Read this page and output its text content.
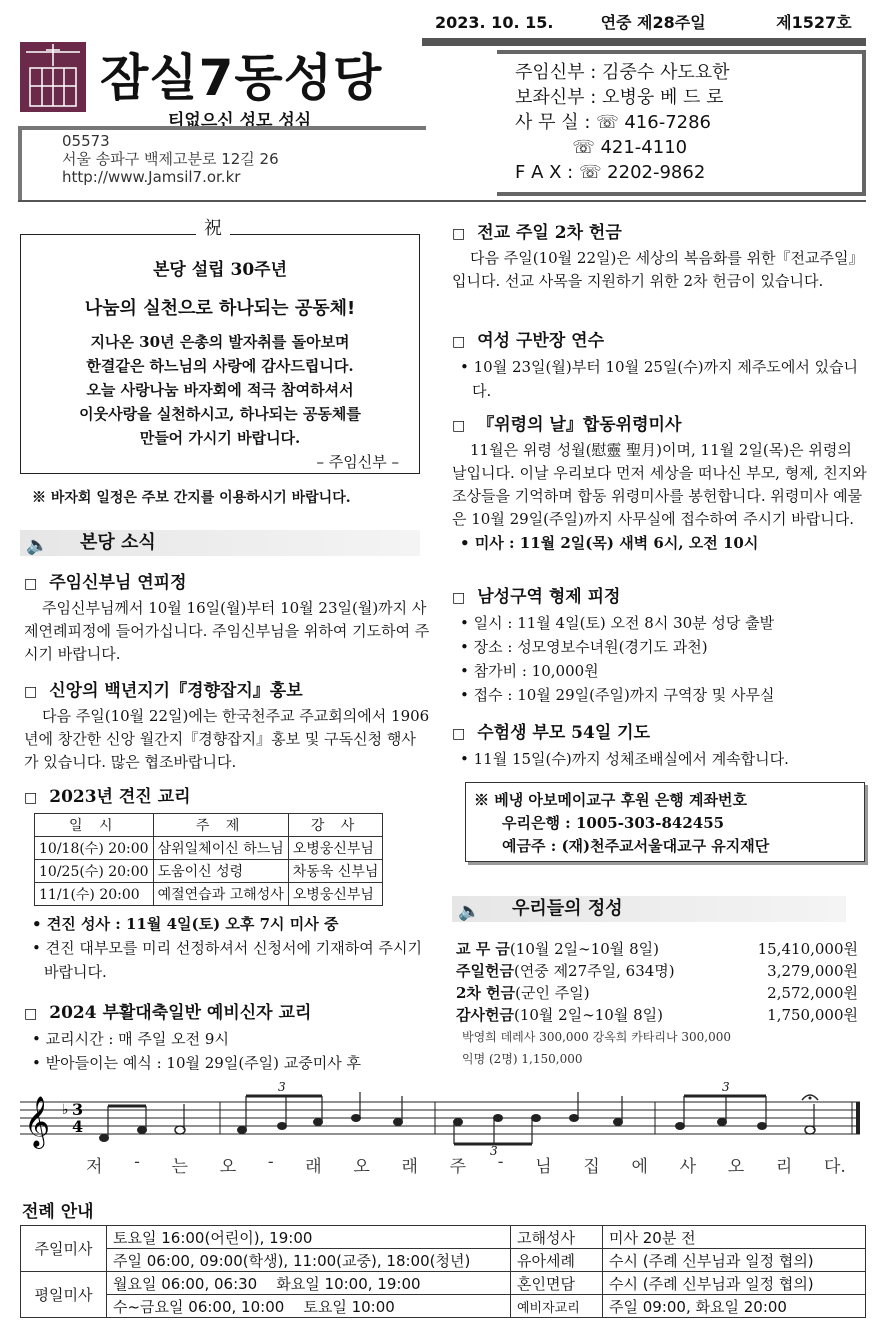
2023. 10. 15.	연중 제28주일	제1527호
잠실7동성당
티없으신 성모 성심
05573
서울 송파구 백제고분로 12길 26
http://www.Jamsil7.or.kr
주임신부 : 김중수 사도요한
보좌신부 : 오병웅 베 드 로
사 무 실 : ☏ 416-7286
☏ 421-4110
F A X : ☏ 2202-9862
본당 설립 30주년
나눔의 실천으로 하나되는 공동체!
지나온 30년 은총의 발자취를 돌아보며
한결같은 하느님의 사랑에 감사드립니다.
오늘 사랑나눔 바자회에 적극 참여하셔서
이웃사랑을 실천하시고, 하나되는 공동체를
만들어 가시기 바랍니다.
– 주임신부 –
祝
※ 바자회 일정은 주보 간지를 이용하시기 바랍니다.
🔈 본당 소식
□ 주임신부님 연피정
주임신부님께서 10월 16일(월)부터 10월 23일(월)까지 사제연례피정에 들어가십니다. 주임신부님을 위하여 기도하여 주시기 바랍니다.
□ 신앙의 백년지기『경향잡지』홍보
다음 주일(10월 22일)에는 한국천주교 주교회의에서 1906년에 창간한 신앙 월간지『경향잡지』홍보 및 구독신청 행사가 있습니다. 많은 협조바랍니다.
□ 2023년 견진 교리
일 시	주 제	강 사
10/18(수) 20:00	삼위일체이신 하느님	오병웅신부님
10/25(수) 20:00	도움이신 성령	차동욱 신부님
11/1(수) 20:00	예절연습과 고해성사	오병웅신부님
• 견진 성사 : 11월 4일(토) 오후 7시 미사 중
• 견진 대부모를 미리 선정하셔서 신청서에 기재하여 주시기 바랍니다.
□ 2024 부활대축일반 예비신자 교리
• 교리시간 : 매 주일 오전 9시
• 받아들이는 예식 : 10월 29일(주일) 교중미사 후
□ 전교 주일 2차 헌금
다음 주일(10월 22일)은 세상의 복음화를 위한『전교주일』입니다. 선교 사목을 지원하기 위한 2차 헌금이 있습니다.
□ 여성 구반장 연수
• 10월 23일(월)부터 10월 25일(수)까지 제주도에서 있습니다.
□ 『위령의 날』합동위령미사
11월은 위령 성월(慰靈 聖月)이며, 11월 2일(목)은 위령의 날입니다. 이날 우리보다 먼저 세상을 떠나신 부모, 형제, 친지와 조상들을 기억하며 합동 위령미사를 봉헌합니다. 위령미사 예물은 10월 29일(주일)까지 사무실에 접수하여 주시기 바랍니다.
• 미사 : 11월 2일(목) 새벽 6시, 오전 10시
□ 남성구역 형제 피정
• 일시 : 11월 4일(토) 오전 8시 30분 성당 출발
• 장소 : 성모영보수녀원(경기도 과천)
• 참가비 : 10,000원
• 접수 : 10월 29일(주일)까지 구역장 및 사무실
□ 수험생 부모 54일 기도
• 11월 15일(수)까지 성체조배실에서 계속합니다.
※ 베냉 아보메이교구 후원 은행 계좌번호
우리은행 : 1005-303-842455
예금주 : (재)천주교서울대교구 유지재단
🔈 우리들의 정성
교 무 금(10월 2일∼10월 8일)	15,410,000원
주일헌금(연중 제27주일, 634명)	3,279,000원
2차 헌금(군인 주일)	2,572,000원
감사헌금(10월 2일∼10월 8일)	1,750,000원
박영희 데레사 300,000 강옥희 카타리나 300,000
익명 (2명) 1,150,000
𝄞 ♭ 3
4
3
3
3
저 - 는 오 - 래 오 래 주 - 님 집 에 사 오 리 다.
전례 안내
주일미사	토요일 16:00(어린이), 19:00	고해성사	미사 20분 전
	주일 06:00, 09:00(학생), 11:00(교중), 18:00(청년)	유아세례	수시 (주례 신부님과 일정 협의)
평일미사	월요일 06:00, 06:30    화요일 10:00, 19:00	혼인면담	수시 (주례 신부님과 일정 협의)
	수~금요일 06:00, 10:00    토요일 10:00	예비자교리	주일 09:00, 화요일 20:00
